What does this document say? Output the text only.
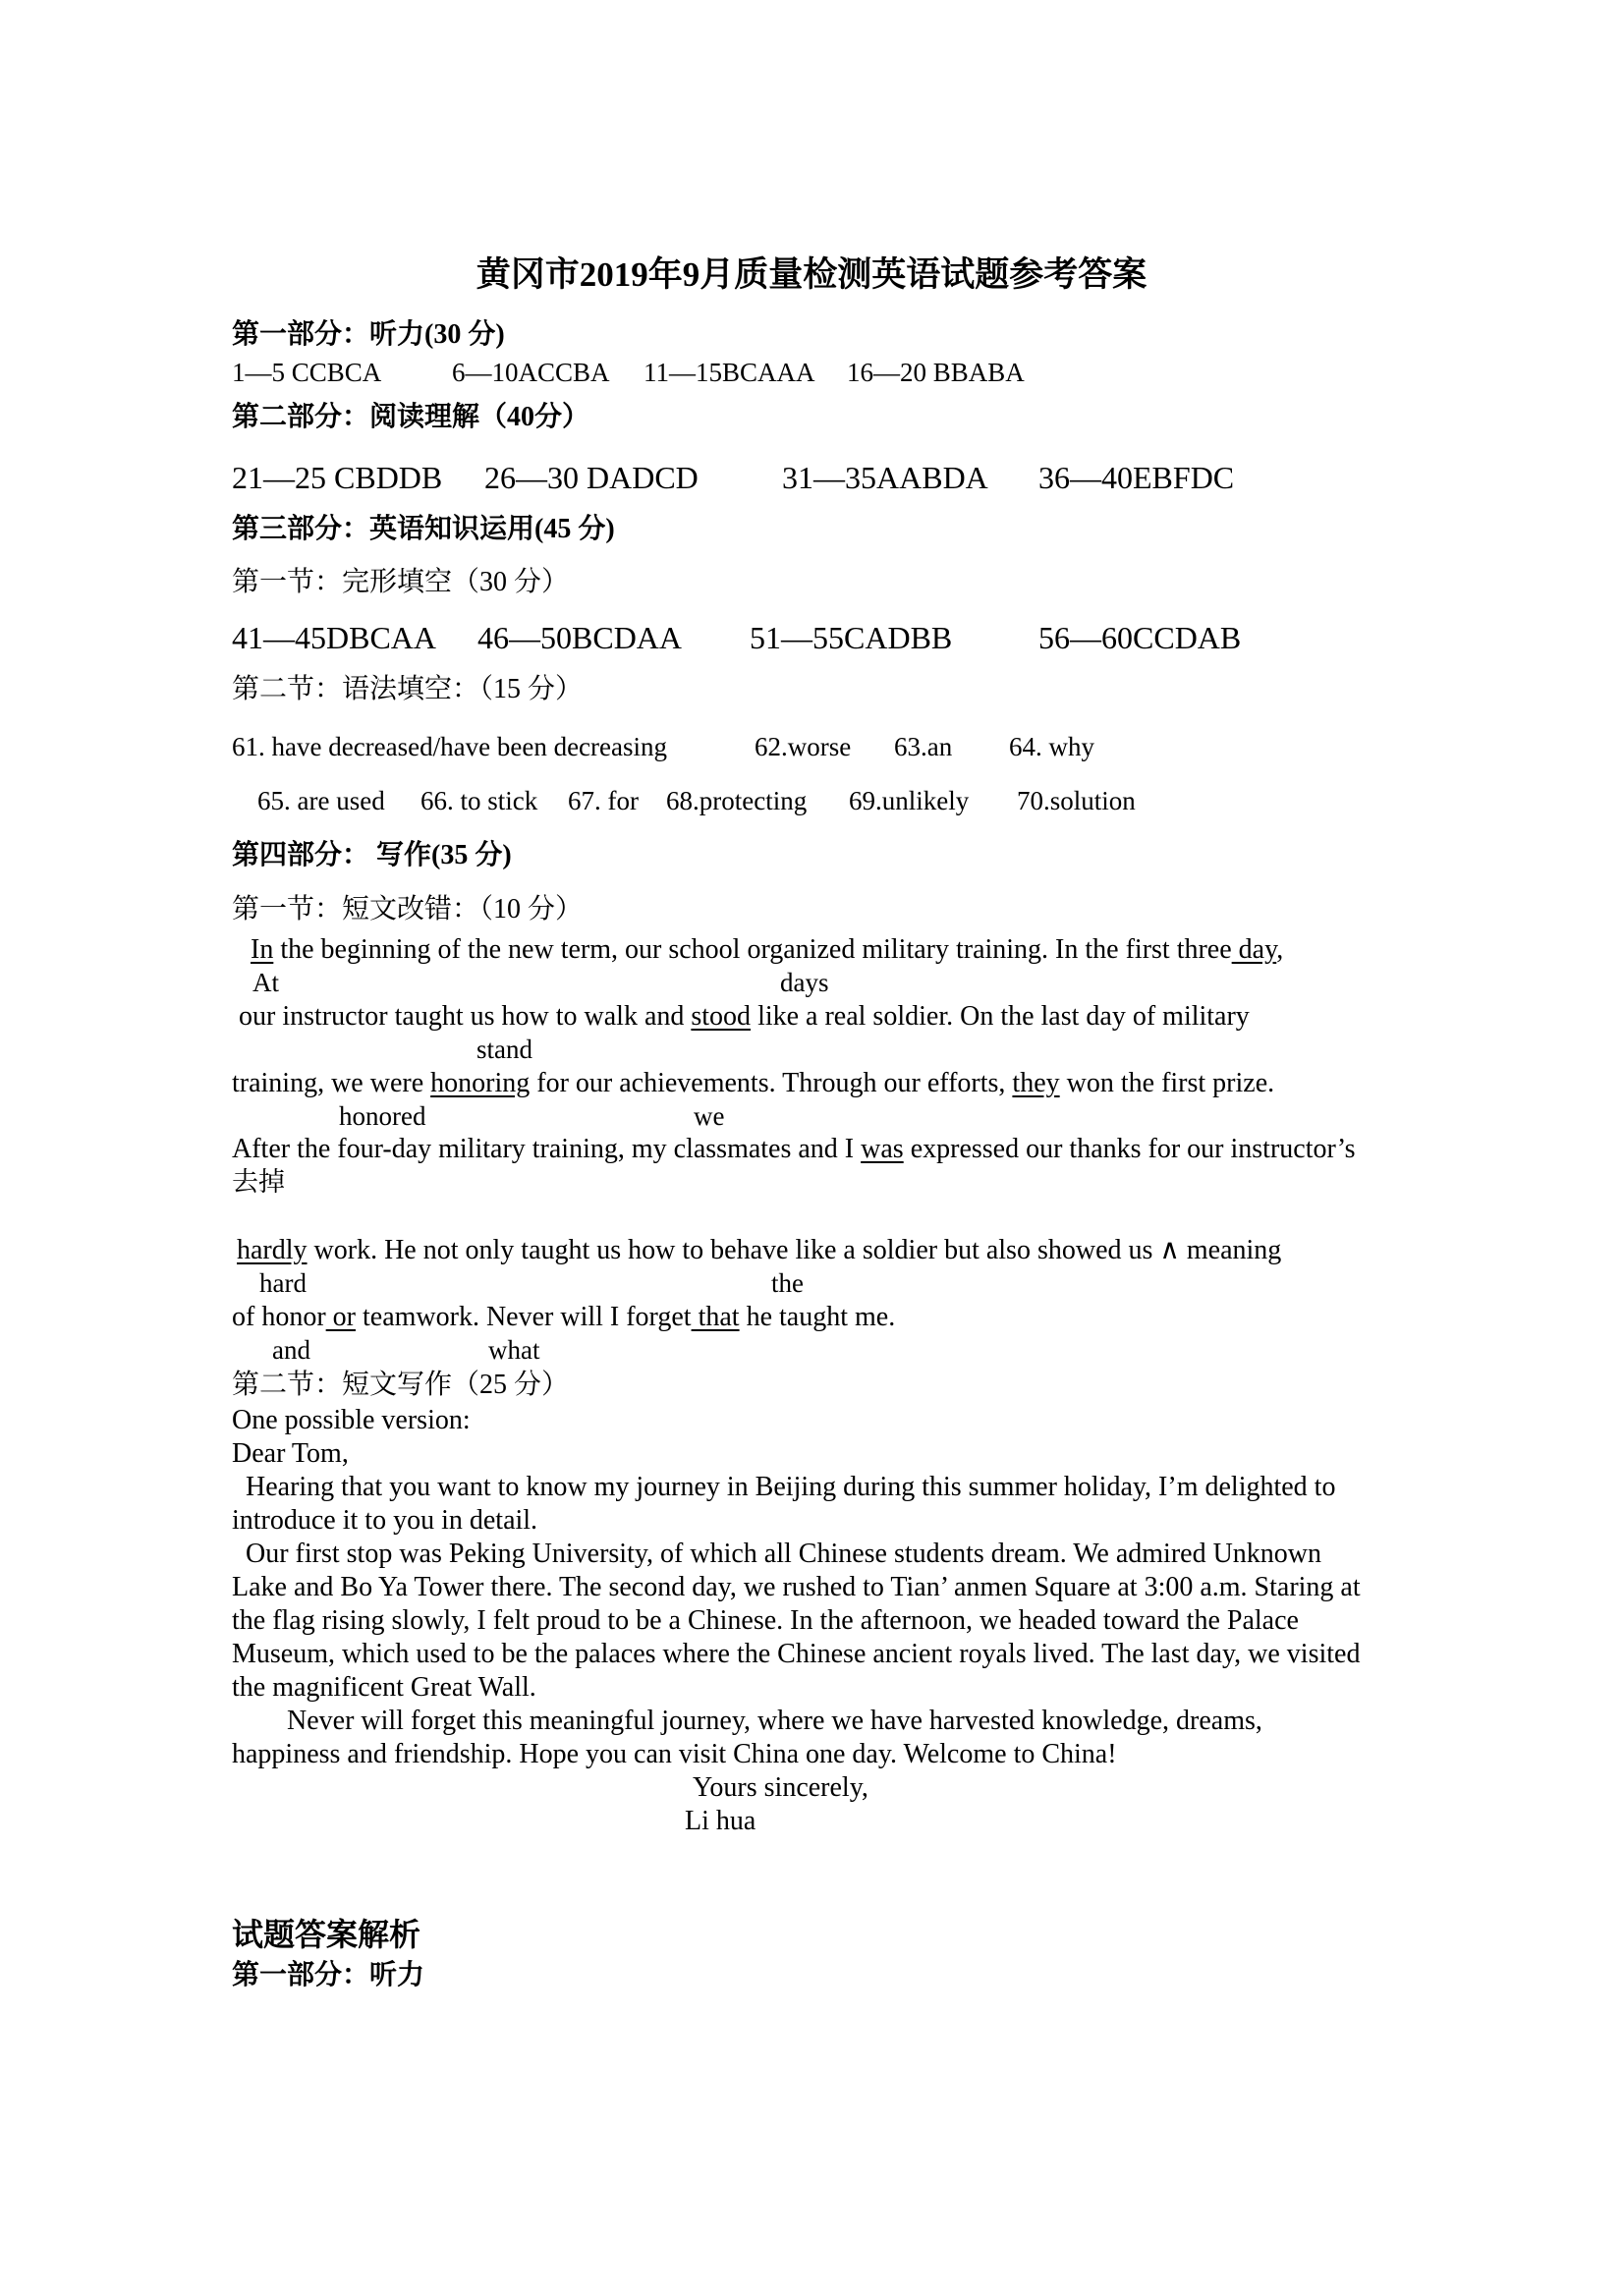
黄冈市2019年9月质量检测英语试题参考答案
第一部分：听力(30 分)
1—5 CCBCA	6—10ACCBA 11—15BCAAA 16—20 BBABA
第二部分：阅读理解（40分）
21—25 CBDDB 26—30 DADCD	31—35AABDA 36—40EBFDC
第三部分：英语知识运用(45 分)
第一节：完形填空（30 分）
41—45DBCAA 46—50BCDAA 51—55CADBB	56—60CCDAB
第二节：语法填空：（15 分）
61. have decreased/have been decreasing	62.worse 63.an 64. why
65. are used 66. to stick 67. for 68.protecting 69.unlikely 70.solution
第四部分： 写作(35 分)
第一节：短文改错：（10 分）
In the beginning of the new term, our school organized military training. In the first three day,
At	days
our instructor taught us how to walk and stood like a real soldier. On the last day of military
stand
training, we were honoring for our achievements. Through our efforts, they won the first prize.
honored	we
After the four-day military training, my classmates and I was expressed our thanks for our instructor’s
去掉
hardly work. He not only taught us how to behave like a soldier but also showed us ∧ meaning
hard	the
of honor or teamwork. Never will I forget that he taught me.
and	what
第二节：短文写作（25 分）
One possible version:
Dear Tom,
Hearing that you want to know my journey in Beijing during this summer holiday, I’m delighted to
introduce it to you in detail.
Our first stop was Peking University, of which all Chinese students dream. We admired Unknown
Lake and Bo Ya Tower there. The second day, we rushed to Tian’ anmen Square at 3:00 a.m. Staring at
the flag rising slowly, I felt proud to be a Chinese. In the afternoon, we headed toward the Palace
Museum, which used to be the palaces where the Chinese ancient royals lived. The last day, we visited
the magnificent Great Wall.
Never will forget this meaningful journey, where we have harvested knowledge, dreams,
happiness and friendship. Hope you can visit China one day. Welcome to China!
Yours sincerely,
Li hua
试题答案解析
第一部分：听力
